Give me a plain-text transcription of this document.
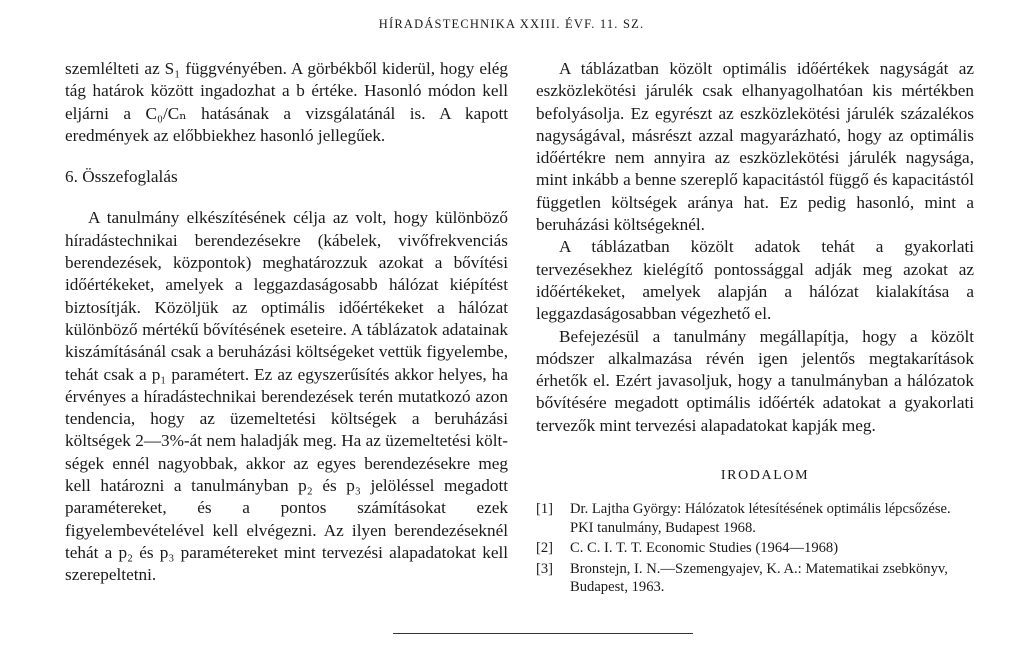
HÍRADÁSTECHNIKA XXIII. ÉVF. 11. SZ.

szemlélteti az S₁ függvényében. A görbékből kiderül, hogy elég tág határok között ingadozhat a b értéke. Hasonló módon kell eljárni a C₀/Cₙ hatásának a vizsgálatánál is. A kapott eredmények az előbbiekhez hasonló jellegűek.

6. Összefoglalás

A tanulmány elkészítésének célja az volt, hogy különböző híradástechnikai berendezésekre (kábelek, vivőfrekvenciás berendezések, központok) meghatározzuk azokat a bővítési időértékeket, amelyek a leggazdaságosabb hálózat kiépítést biztosítják. Közöljük az optimális időértékeket a hálózat különböző mértékű bővítésének eseteire. A táblázatok adatainak kiszámításánál csak a beruházási költségeket vettük figyelembe, tehát csak a p₁ paramétert. Ez az egyszerűsítés akkor helyes, ha érvényes a híradástechnikai berendezések terén mutatkozó azon tendencia, hogy az üzemeltetési költségek a beruházási költségek 2—3%-át nem haladják meg. Ha az üzemeltetési költségek ennél nagyobbak, akkor az egyes berendezésekre meg kell határozni a tanulmányban p₂ és p₃ jelöléssel megadott paramétereket, és a pontos számításokat ezek figyelembevételével kell elvégezni. Az ilyen berendezéseknél tehát a p₂ és p₃ paramétereket mint tervezési alapadatokat kell szerepeltetni.

A táblázatban közölt optimális időértékek nagyságát az eszközlekötési járulék csak elhanyagolhatóan kis mértékben befolyásolja. Ez egyrészt az eszközlekötési járulék százalékos nagyságával, másrészt azzal magyarázható, hogy az optimális időértékre nem annyira az eszközlekötési járulék nagysága, mint inkább a benne szereplő kapacitástól függő és kapacitástól független költségek aránya hat. Ez pedig hasonló, mint a beruházási költségeknél.

A táblázatban közölt adatok tehát a gyakorlati tervezésekhez kielégítő pontossággal adják meg azokat az időértékeket, amelyek alapján a hálózat kialakítása a leggazdaságosabban végezhető el.

Befejezésül a tanulmány megállapítja, hogy a közölt módszer alkalmazása révén igen jelentős megtakarítások érhetők el. Ezért javasoljuk, hogy a tanulmányban a hálózatok bővítésére megadott optimális időérték adatokat a gyakorlati tervezők mint tervezési alapadatokat kapják meg.

IRODALOM
[1]	Dr. Lajtha György: Hálózatok létesítésének optimális lépcsőzése. PKI tanulmány, Budapest 1968.
[2]	C. C. I. T. T. Economic Studies (1964—1968)
[3]	Bronstejn, I. N.—Szemengyajev, K. A.: Matematikai zsebkönyv, Budapest, 1963.
